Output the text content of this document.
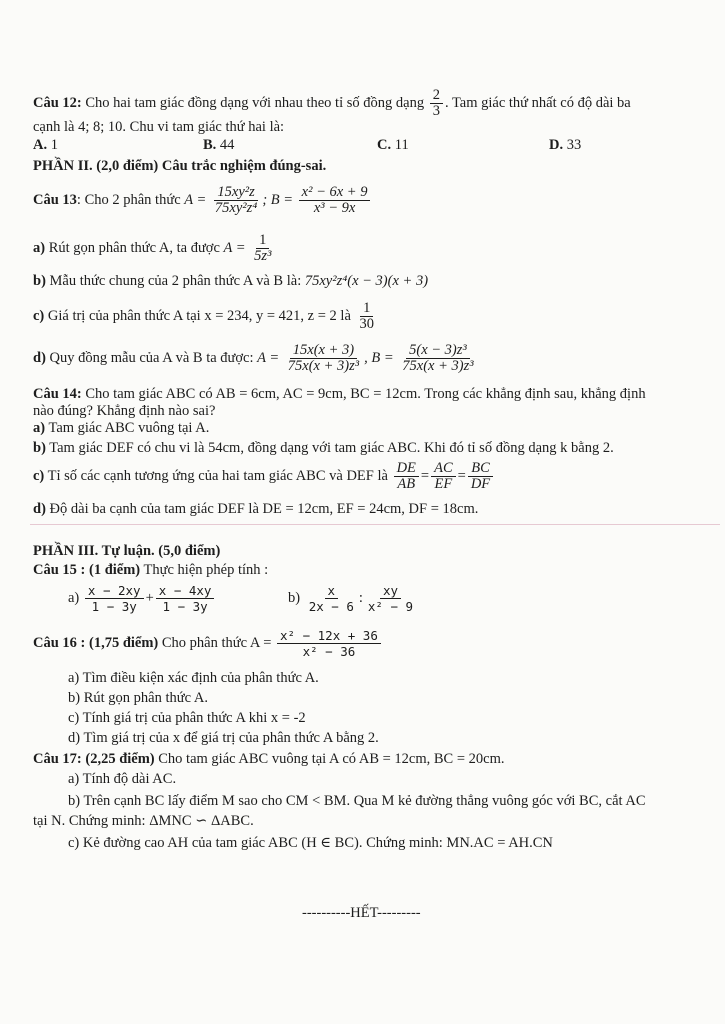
Câu 12: Cho hai tam giác đồng dạng với nhau theo tỉ số đồng dạng $\frac{2}{3}$ . Tam giác thứ nhất có độ dài ba
cạnh là 4; 8; 10. Chu vi tam giác thứ hai là:
A. 1	B. 44	C. 11	D. 33
PHẦN II. (2,0 điểm) Câu trắc nghiệm đúng-sai.
Câu 13: Cho 2 phân thức $A = \frac{\text{15xy²z}}{\text{75xy²z⁴}}$ ; $B = \frac{\text{x² − 6x + 9}}{\text{x³ − 9x}}$
a) Rút gọn phân thức A, ta được $A = \frac{1}{\text{5z³}}$
b) Mẫu thức chung của 2 phân thức A và B là: 75xy²z⁴(x − 3)(x + 3)
c) Giá trị của phân thức A tại x = 234, y = 421, z = 2 là $\frac{1}{30}$
d) Quy đồng mẫu của A và B ta được: $A = \frac{15x(x + 3)}{\text{75x(x + 3)z³}}$ , $B = \frac{\text{5(x − 3)z³}}{\text{75x(x + 3)z³}}$
Câu 14: Cho tam giác ABC có AB = 6cm, AC = 9cm, BC = 12cm. Trong các khẳng định sau, khẳng định
nào đúng? Khẳng định nào sai?
a) Tam giác ABC vuông tại A.
b) Tam giác DEF có chu vi là 54cm, đồng dạng với tam giác ABC. Khi đó tỉ số đồng dạng k bằng 2.
c) Tỉ số các cạnh tương ứng của hai tam giác ABC và DEF là $\frac{DE}{AB} = \frac{AC}{EF} = \frac{BC}{DF}$
d) Độ dài ba cạnh của tam giác DEF là DE = 12cm, EF = 24cm, DF = 18cm.
PHẦN III. Tự luận. (5,0 điểm)
Câu 15 : (1 điểm) Thực hiện phép tính :
$a) \frac{x - 2xy}{1 - 3y} + \frac{x - 4xy}{1 - 3y}$	$b) \frac{x}{2x - 6}$ : $\frac{xy}{\text{x² − 9}}$
Câu 16 : (1,75 điểm) Cho phân thức $A = \frac{\text{x² − 12x + 36}}{\text{x² − 36}}$
a) Tìm điều kiện xác định của phân thức A.
b) Rút gọn phân thức A.
c) Tính giá trị của phân thức A khi x = -2
d) Tìm giá trị của x để giá trị của phân thức A bằng 2.
Câu 17: (2,25 điểm) Cho tam giác ABC vuông tại A có AB = 12cm, BC = 20cm.
a) Tính độ dài AC.
b) Trên cạnh BC lấy điểm M sao cho CM < BM. Qua M kẻ đường thẳng vuông góc với BC, cắt AC
tại N. Chứng minh: ΔMNC ∽ ΔABC.
c) Kẻ đường cao AH của tam giác ABC (H ∈ BC). Chứng minh: MN.AC = AH.CN
----------HẾT---------
